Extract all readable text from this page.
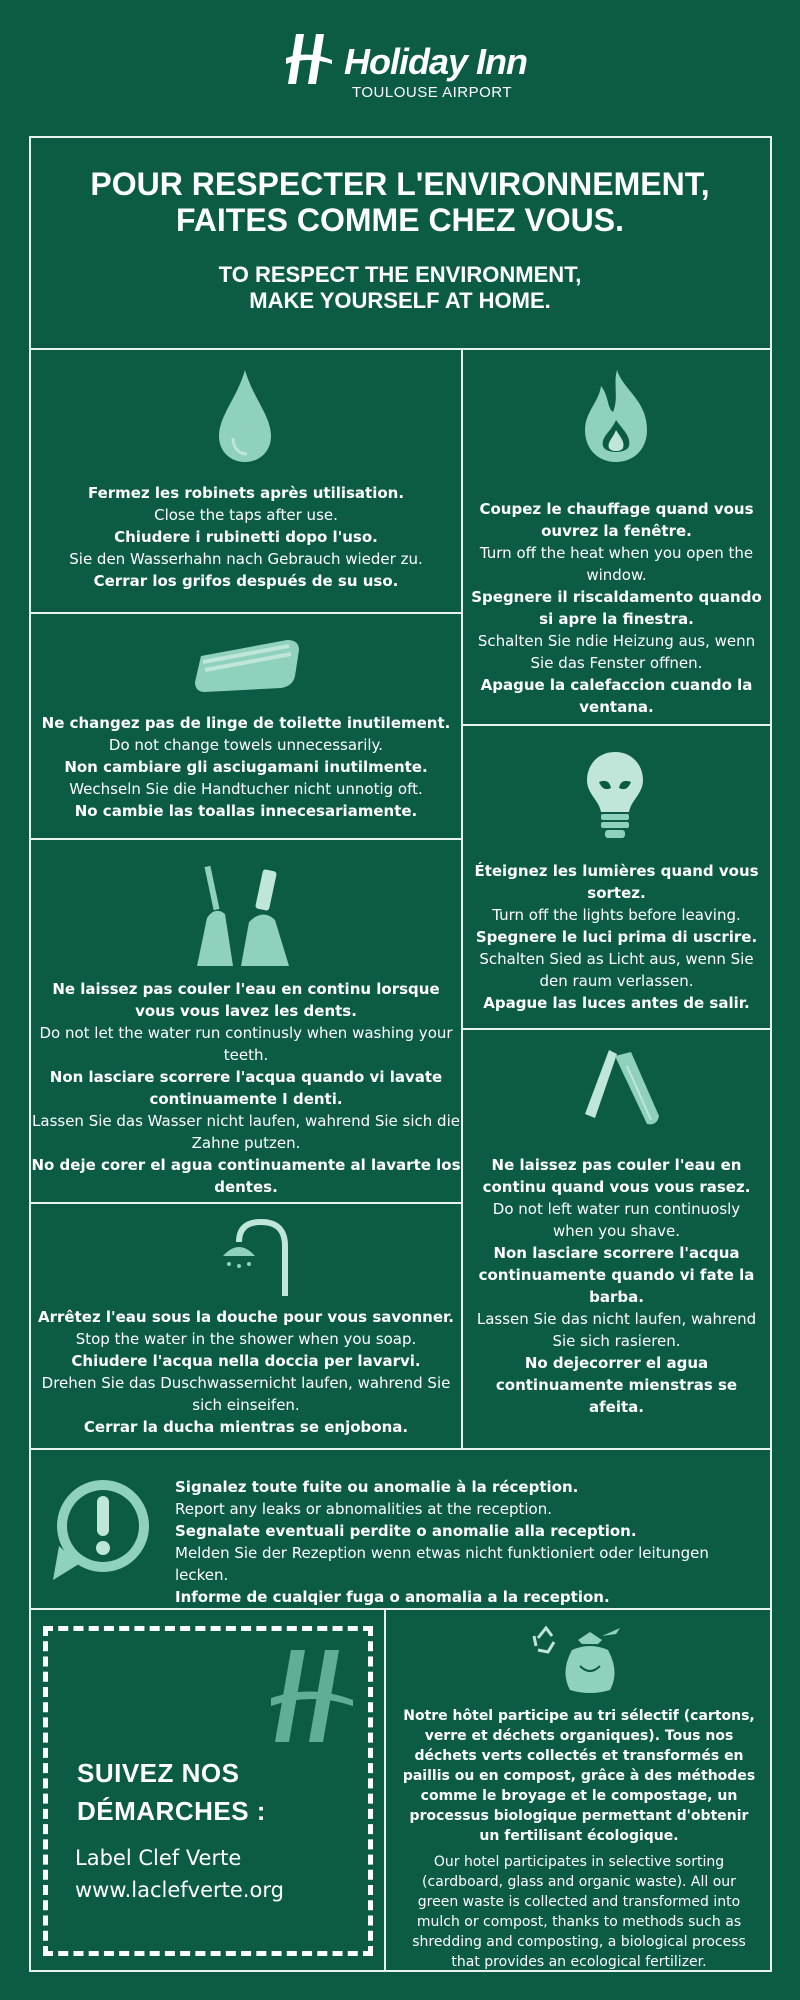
Holiday Inn
TOULOUSE AIRPORT
POUR RESPECTER L'ENVIRONNEMENT,
FAITES COMME CHEZ VOUS.
TO RESPECT THE ENVIRONMENT,
MAKE YOURSELF AT HOME.
Fermez les robinets après utilisation.
Close the taps after use.
Chiudere i rubinetti dopo l'uso.
Sie den Wasserhahn nach Gebrauch wieder zu.
Cerrar los grifos después de su uso.
Ne changez pas de linge de toilette inutilement.
Do not change towels unnecessarily.
Non cambiare gli asciugamani inutilmente.
Wechseln Sie die Handtucher nicht unnotig oft.
No cambie las toallas innecesariamente.
Ne laissez pas couler l'eau en continu lorsque vous vous lavez les dents.
Do not let the water run continusly when washing your teeth.
Non lasciare scorrere l'acqua quando vi lavate continuamente I denti.
Lassen Sie das Wasser nicht laufen, wahrend Sie sich die Zahne putzen.
No deje corer el agua continuamente al lavarte los dentes.
Arrêtez l'eau sous la douche pour vous savonner.
Stop the water in the shower when you soap.
Chiudere l'acqua nella doccia per lavarvi.
Drehen Sie das Duschwassernicht laufen, wahrend Sie sich einseifen.
Cerrar la ducha mientras se enjobona.
Coupez le chauffage quand vous ouvrez la fenêtre.
Turn off the heat when you open the window.
Spegnere il riscaldamento quando si apre la finestra.
Schalten Sie ndie Heizung aus, wenn Sie das Fenster offnen.
Apague la calefaccion cuando la ventana.
Éteignez les lumières quand vous sortez.
Turn off the lights before leaving.
Spegnere le luci prima di uscrire.
Schalten Sied as Licht aus, wenn Sie den raum verlassen.
Apague las luces antes de salir.
Ne laissez pas couler l'eau en continu quand vous vous rasez.
Do not left water run continuosly when you shave.
Non lasciare scorrere l'acqua continuamente quando vi fate la barba.
Lassen Sie das nicht laufen, wahrend Sie sich rasieren.
No dejecorrer el agua continuamente mienstras se afeita.
Signalez toute fuite ou anomalie à la réception.
Report any leaks or abnomalities at the reception.
Segnalate eventuali perdite o anomalie alla reception.
Melden Sie der Rezeption wenn etwas nicht funktioniert oder leitungen lecken.
Informe de cualqier fuga o anomalia a la reception.
SUIVEZ NOS
DÉMARCHES :
Label Clef Verte
www.laclefverte.org
Notre hôtel participe au tri sélectif (cartons, verre et déchets organiques). Tous nos déchets verts collectés et transformés en paillis ou en compost, grâce à des méthodes comme le broyage et le compostage, un processus biologique permettant d'obtenir un fertilisant écologique.
Our hotel participates in selective sorting (cardboard, glass and organic waste). All our green waste is collected and transformed into mulch or compost, thanks to methods such as shredding and composting, a biological process that provides an ecological fertilizer.
